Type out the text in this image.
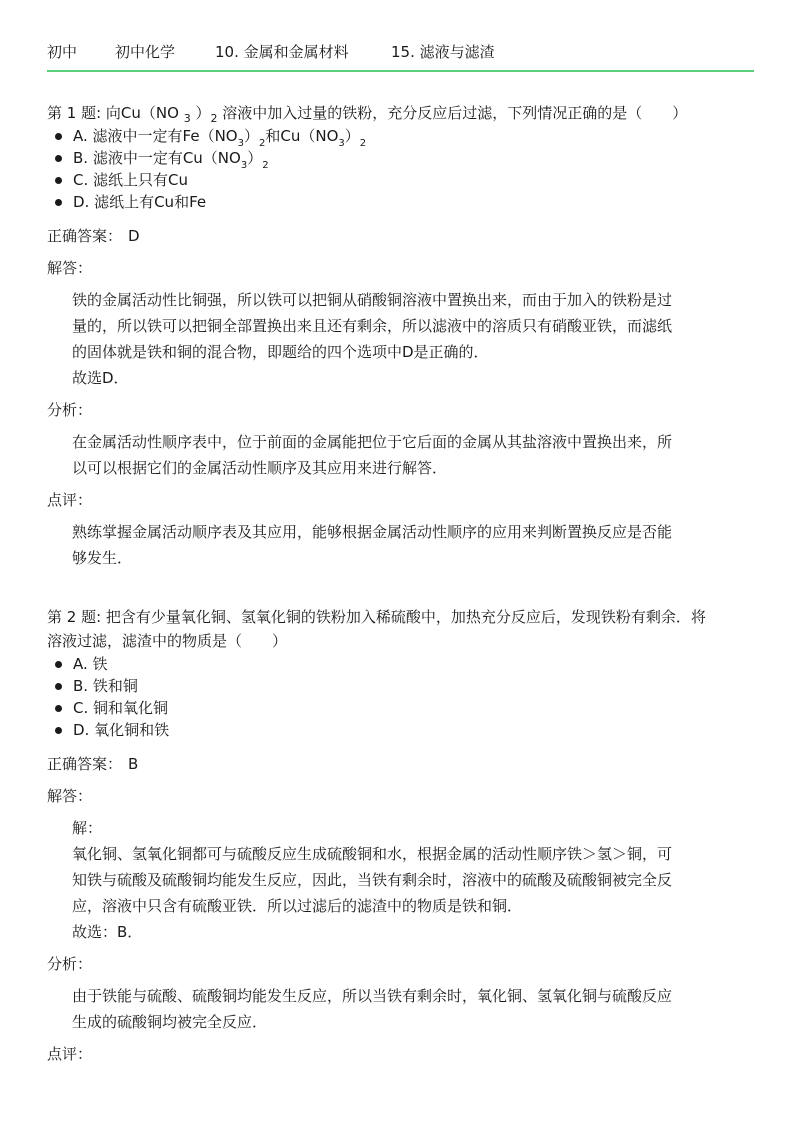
初中	初中化学	10. 金属和金属材料	15. 滤液与滤渣
第 1 题: 向Cu（NO $_3$ ）$_2$ 溶液中加入过量的铁粉，充分反应后过滤，下列情况正确的是（　　）
A. 滤液中一定有$Fe(NO_3)_2$和$Cu(NO_3)_2$
B. 滤液中一定有$Cu(NO_3)_2$
C. 滤纸上只有Cu
D. 滤纸上有Cu和Fe
正确答案： D
解答：

铁的金属活动性比铜强，所以铁可以把铜从硝酸铜溶液中置换出来，而由于加入的铁粉是过

量的，所以铁可以把铜全部置换出来且还有剩余，所以滤液中的溶质只有硝酸亚铁，而滤纸

的固体就是铁和铜的混合物，即题给的四个选项中D是正确的．

故选D．

分析：

在金属活动性顺序表中，位于前面的金属能把位于它后面的金属从其盐溶液中置换出来，所

以可以根据它们的金属活动性顺序及其应用来进行解答．

点评：

熟练掌握金属活动顺序表及其应用，能够根据金属活动性顺序的应用来判断置换反应是否能

够发生．

第 2 题: 把含有少量氧化铜、氢氧化铜的铁粉加入稀硫酸中，加热充分反应后，发现铁粉有剩余．将
溶液过滤，滤渣中的物质是（　　）
A. 铁
B. 铁和铜
C. 铜和氧化铜
D. 氧化铜和铁
正确答案： B
解答：

解：

氧化铜、氢氧化铜都可与硫酸反应生成硫酸铜和水，根据金属的活动性顺序铁＞氢＞铜，可

知铁与硫酸及硫酸铜均能发生反应，因此，当铁有剩余时，溶液中的硫酸及硫酸铜被完全反

应，溶液中只含有硫酸亚铁．所以过滤后的滤渣中的物质是铁和铜．

故选：B．

分析：

由于铁能与硫酸、硫酸铜均能发生反应，所以当铁有剩余时，氧化铜、氢氧化铜与硫酸反应

生成的硫酸铜均被完全反应．

点评：
